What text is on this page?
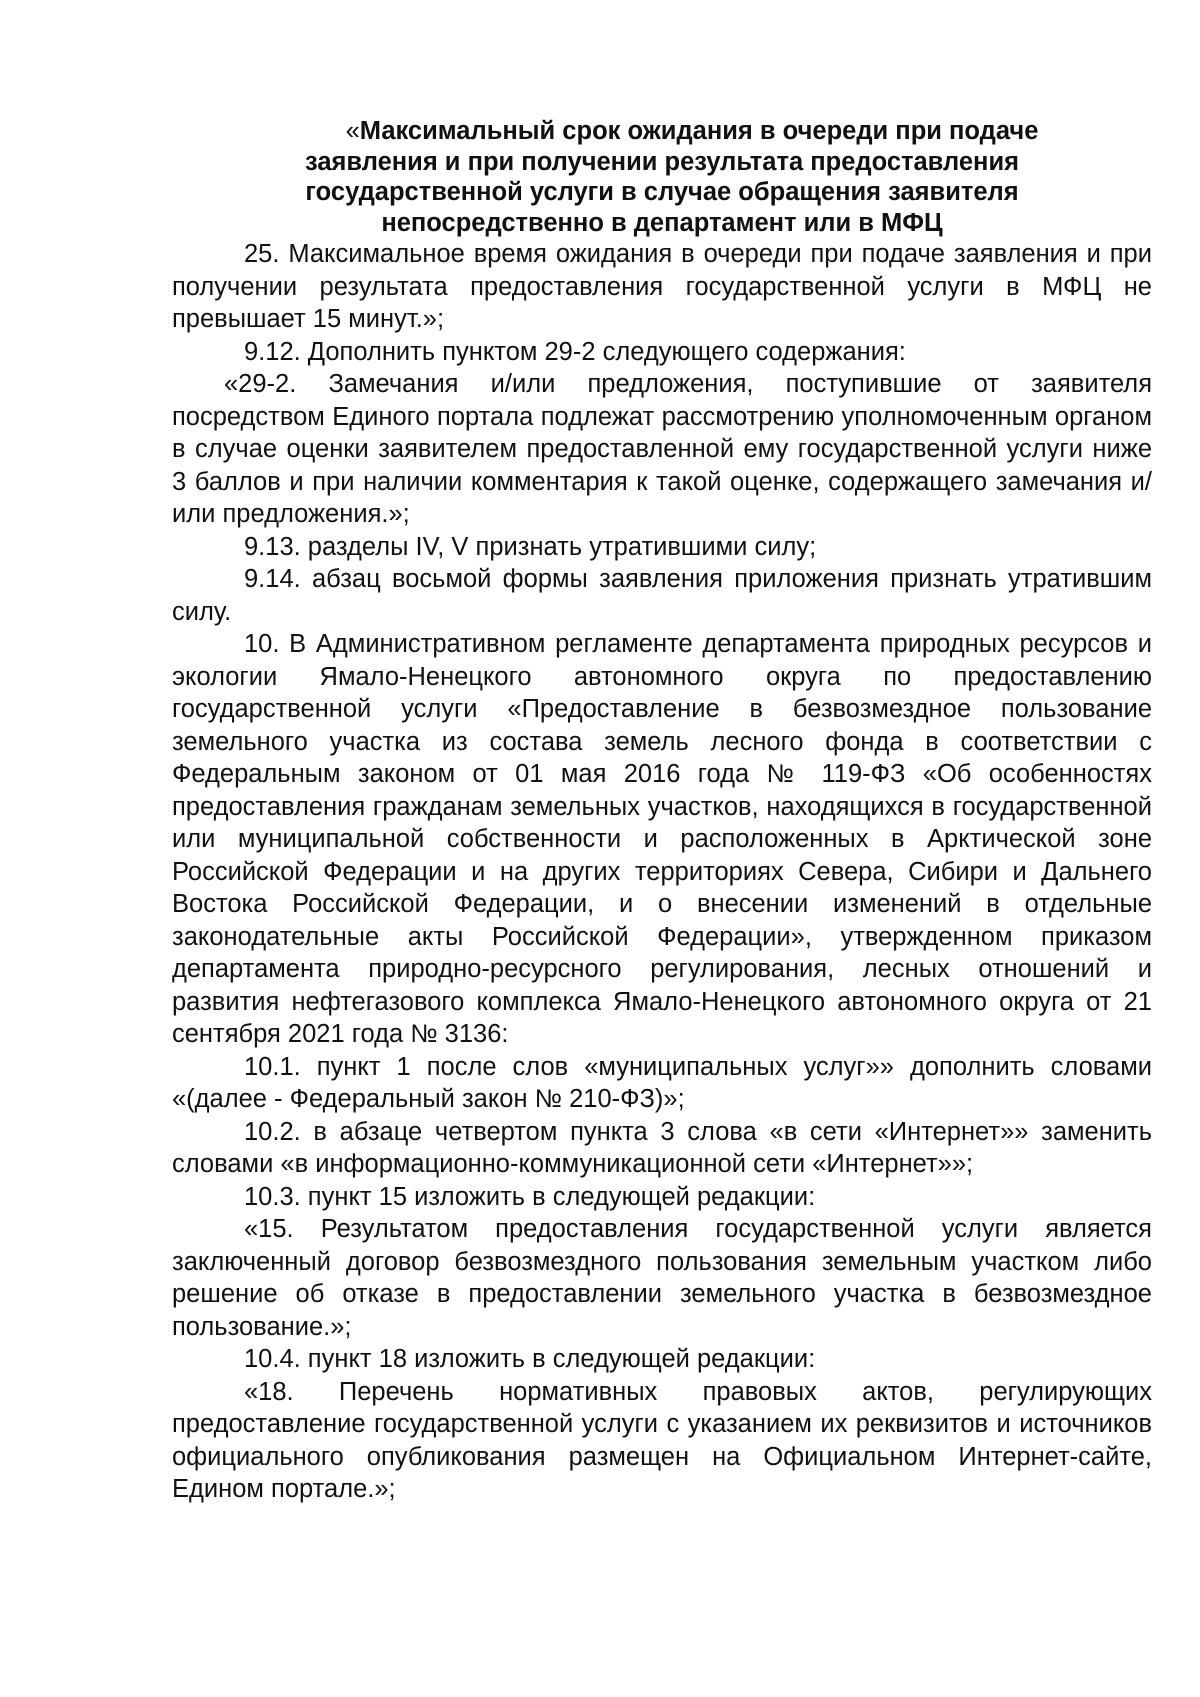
«Максимальный срок ожидания в очереди при подаче
заявления и при получении результата предоставления
государственной услуги в случае обращения заявителя
непосредственно в департамент или в МФЦ

25. Максимальное время ожидания в очереди при подаче заявления и при получении результата предоставления государственной услуги в МФЦ не превышает 15 минут.»;

9.12. Дополнить пунктом 29-2 следующего содержания:

«29-2. Замечания и/или предложения, поступившие от заявителя посредством Единого портала подлежат рассмотрению уполномоченным органом в случае оценки заявителем предоставленной ему государственной услуги ниже 3 баллов и при наличии комментария к такой оценке, содержащего замечания и/или предложения.»;

9.13. разделы IV, V признать утратившими силу;

9.14. абзац восьмой формы заявления приложения признать утратившим силу.

10. В Административном регламенте департамента природных ресурсов и экологии Ямало-Ненецкого автономного округа по предоставлению государственной услуги «Предоставление в безвозмездное пользование земельного участка из состава земель лесного фонда в соответствии с Федеральным законом от 01 мая 2016 года № 119-ФЗ «Об особенностях предоставления гражданам земельных участков, находящихся в государственной или муниципальной собственности и расположенных в Арктической зоне Российской Федерации и на других территориях Севера, Сибири и Дальнего Востока Российской Федерации, и о внесении изменений в отдельные законодательные акты Российской Федерации», утвержденном приказом департамента природно-ресурсного регулирования, лесных отношений и развития нефтегазового комплекса Ямало-Ненецкого автономного округа от 21 сентября 2021 года № 3136:

10.1. пункт 1 после слов «муниципальных услуг»» дополнить словами «(далее - Федеральный закон № 210-ФЗ)»;

10.2. в абзаце четвертом пункта 3 слова «в сети «Интернет»» заменить словами «в информационно-коммуникационной сети «Интернет»»;

10.3. пункт 15 изложить в следующей редакции:

«15. Результатом предоставления государственной услуги является заключенный договор безвозмездного пользования земельным участком либо решение об отказе в предоставлении земельного участка в безвозмездное пользование.»;

10.4. пункт 18 изложить в следующей редакции:

«18. Перечень нормативных правовых актов, регулирующих предоставление государственной услуги с указанием их реквизитов и источников официального опубликования размещен на Официальном Интернет-сайте, Едином портале.»;
